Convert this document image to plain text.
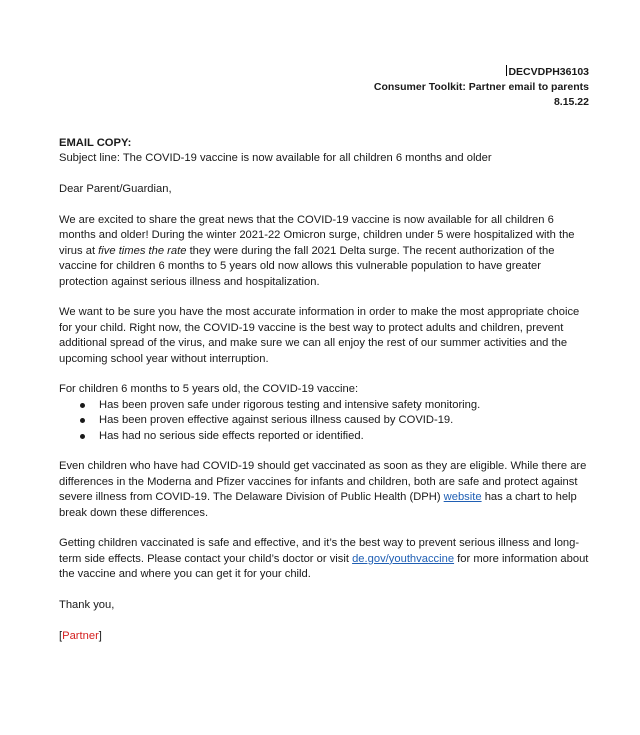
DECVDPH36103
Consumer Toolkit: Partner email to parents
8.15.22

EMAIL COPY:

Subject line: The COVID-19 vaccine is now available for all children 6 months and older

Dear Parent/Guardian,

We are excited to share the great news that the COVID-19 vaccine is now available for all children 6 months and older! During the winter 2021-22 Omicron surge, children under 5 were hospitalized with the virus at five times the rate they were during the fall 2021 Delta surge. The recent authorization of the vaccine for children 6 months to 5 years old now allows this vulnerable population to have greater protection against serious illness and hospitalization.

We want to be sure you have the most accurate information in order to make the most appropriate choice for your child. Right now, the COVID-19 vaccine is the best way to protect adults and children, prevent additional spread of the virus, and make sure we can all enjoy the rest of our summer activities and the upcoming school year without interruption.

For children 6 months to 5 years old, the COVID-19 vaccine:

Has been proven safe under rigorous testing and intensive safety monitoring.
Has been proven effective against serious illness caused by COVID-19.
Has had no serious side effects reported or identified.

Even children who have had COVID-19 should get vaccinated as soon as they are eligible. While there are differences in the Moderna and Pfizer vaccines for infants and children, both are safe and protect against severe illness from COVID-19. The Delaware Division of Public Health (DPH) website has a chart to help break down these differences.

Getting children vaccinated is safe and effective, and it’s the best way to prevent serious illness and long-term side effects. Please contact your child’s doctor or visit de.gov/youthvaccine for more information about the vaccine and where you can get it for your child.

Thank you,

[Partner]
